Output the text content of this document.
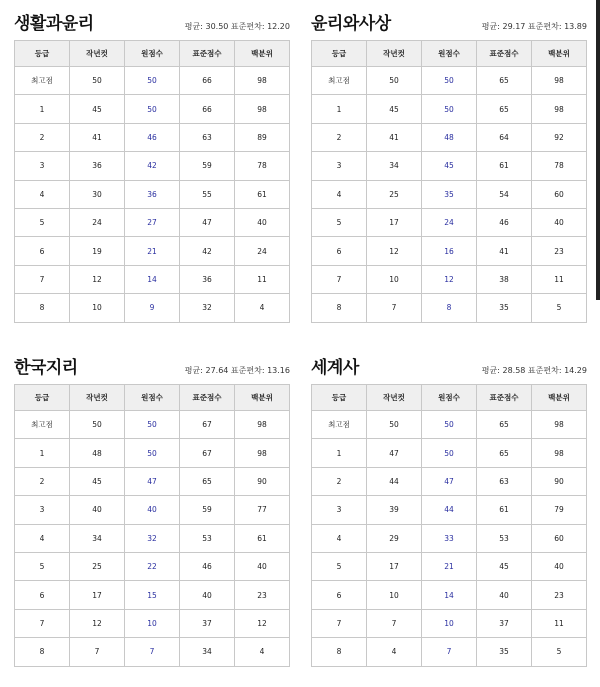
생활과윤리	평균: 30.50 표준편차: 12.20
등급	작년컷	원점수	표준점수	백분위
최고점	50	50	66	98
1	45	50	66	98
2	41	46	63	89
3	36	42	59	78
4	30	36	55	61
5	24	27	47	40
6	19	21	42	24
7	12	14	36	11
8	10	9	32	4
윤리와사상	평균: 29.17 표준편차: 13.89
등급	작년컷	원점수	표준점수	백분위
최고점	50	50	65	98
1	45	50	65	98
2	41	48	64	92
3	34	45	61	78
4	25	35	54	60
5	17	24	46	40
6	12	16	41	23
7	10	12	38	11
8	7	8	35	5
한국지리	평균: 27.64 표준편차: 13.16
등급	작년컷	원점수	표준점수	백분위
최고점	50	50	67	98
1	48	50	67	98
2	45	47	65	90
3	40	40	59	77
4	34	32	53	61
5	25	22	46	40
6	17	15	40	23
7	12	10	37	12
8	7	7	34	4
세계사	평균: 28.58 표준편차: 14.29
등급	작년컷	원점수	표준점수	백분위
최고점	50	50	65	98
1	47	50	65	98
2	44	47	63	90
3	39	44	61	79
4	29	33	53	60
5	17	21	45	40
6	10	14	40	23
7	7	10	37	11
8	4	7	35	5
